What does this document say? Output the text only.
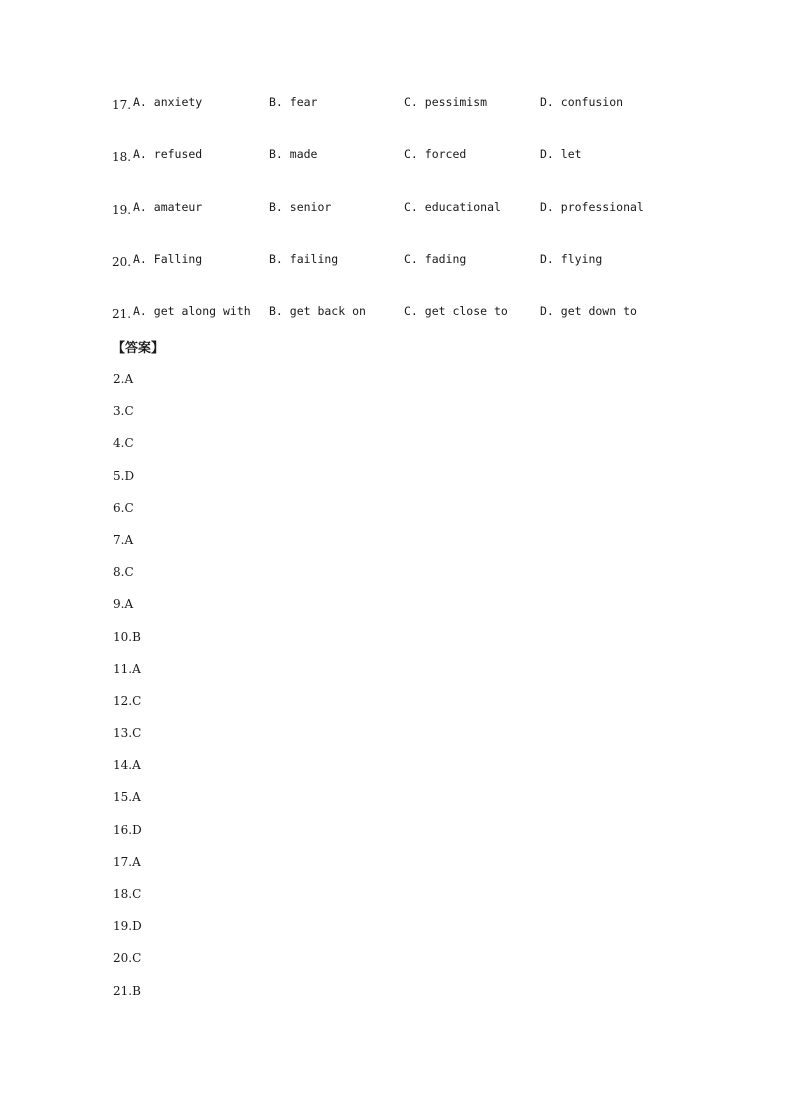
17. A. anxiety	B. fear	C. pessimism	D. confusion
18. A. refused	B. made	C. forced	D. let
19. A. amateur	B. senior	C. educational	D. professional
20. A. Falling	B. failing	C. fading	D. flying
21. A. get along with B. get back on	C. get close to	D. get down to
【答案】
2.A
3.C
4.C
5.D
6.C
7.A
8.C
9.A
10.B
11.A
12.C
13.C
14.A
15.A
16.D
17.A
18.C
19.D
20.C
21.B
